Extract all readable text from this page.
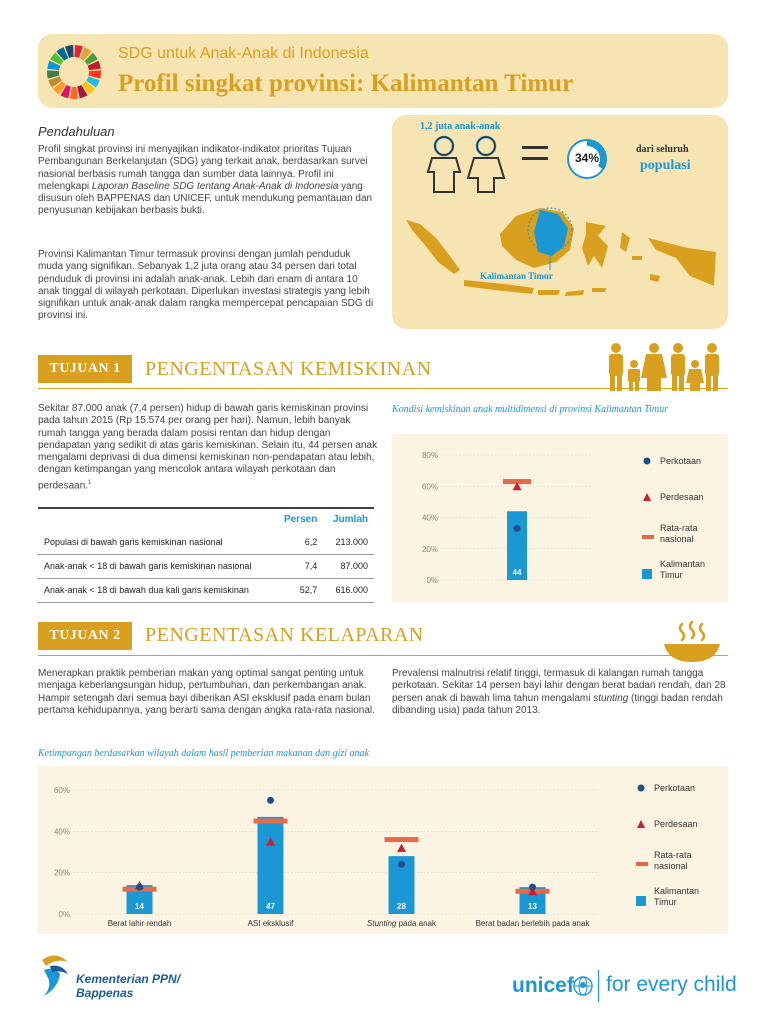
SDG untuk Anak-Anak di Indonesia
Profil singkat provinsi: Kalimantan Timur
Pendahuluan

Profil singkat provinsi ini menyajikan indikator-indikator prioritas Tujuan Pembangunan Berkelanjutan (SDG) yang terkait anak, berdasarkan survei nasional berbasis rumah tangga dan sumber data lainnya. Profil ini melengkapi Laporan Baseline SDG tentang Anak-Anak di Indonesia yang disusun oleh BAPPENAS dan UNICEF, untuk mendukung pemantauan dan penyusunan kebijakan berbasis bukti.

Provinsi Kalimantan Timur termasuk provinsi dengan jumlah penduduk muda yang signifikan. Sebanyak 1,2 juta orang atau 34 persen dari total penduduk di provinsi ini adalah anak-anak. Lebih dari enam di antara 10 anak tinggal di wilayah perkotaan. Diperlukan investasi strategis yang lebih signifikan untuk anak-anak dalam rangka mempercepat pencapaian SDG di provinsi ini.

1,2 juta anak-anak
34%
dari seluruh
populasi
Kalimantan Timur
TUJUAN 1	PENGENTASAN KEMISKINAN

Sekitar 87.000 anak (7,4 persen) hidup di bawah garis kemiskinan provinsi pada tahun 2015 (Rp 15.574 per orang per hari). Namun, lebih banyak rumah tangga yang berada dalam posisi rentan dan hidup dengan pendapatan yang sedikit di atas garis kemiskinan. Selain itu, 44 persen anak mengalami deprivasi di dua dimensi kemiskinan non-pendapatan atau lebih, dengan ketimpangan yang mencolok antara wilayah perkotaan dan perdesaan.$^1$

	Persen	Jumlah
Populasi di bawah garis kemiskinan nasional	6,2	213.000
Anak-anak < 18 di bawah garis kemiskinan nasional	7,4	87.000
Anak-anak < 18 di bawah dua kali garis kemiskinan	52,7	616.000
Kondisi kemiskinan anak multidimensi di provinsi Kalimantan Timur
0%
20%
40%
60%
80%
44
Perkotaan
Perdesaan
Rata-rata
nasional
Kalimantan
Timur
TUJUAN 2	PENGENTASAN KELAPARAN

Menerapkan praktik pemberian makan yang optimal sangat penting untuk menjaga keberlangsungan hidup, pertumbuhan, dan perkembangan anak. Hampir setengah dari semua bayi diberikan ASI eksklusif pada enam bulan pertama kehidupannya, yang berarti sama dengan angka rata-rata nasional.

Prevalensi malnutrisi relatif tinggi, termasuk di kalangan rumah tangga perkotaan. Sekitar 14 persen bayi lahir dengan berat badan rendah, dan 28 persen anak di bawah lima tahun mengalami stunting (tinggi badan rendah dibanding usia) pada tahun 2013.

Ketimpangan berdasarkan wilayah dalam hasil pemberian makanan dan gizi anak
0%
20%
40%
60%
14
Berat lahir rendah
47
ASI eksklusif
28
Stunting pada anak
13
Berat badan berlebih pada anak
Perkotaan
Perdesaan
Rata-rata
nasional
Kalimantan
Timur
Kementerian PPN/
Bappenas	unicef for every child
